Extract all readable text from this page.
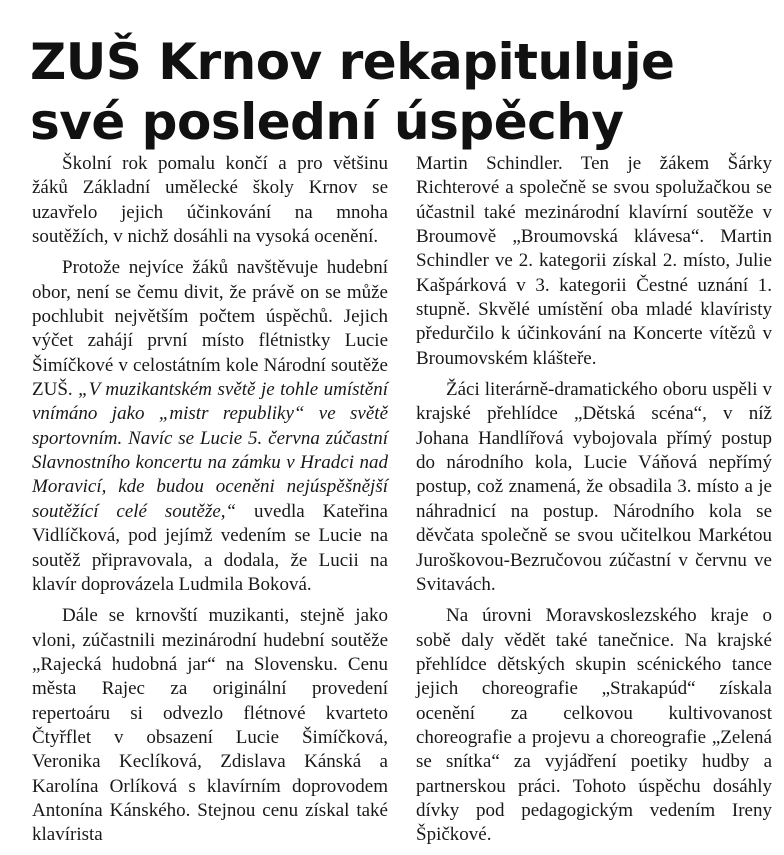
ZUŠ Krnov rekapituluje
své poslední úspěchy

Školní rok pomalu končí a pro většinu žáků Základní umělecké školy Krnov se uzavřelo jejich účinkování na mnoha soutěžích, v nichž dosáhli na vysoká ocenění.

Protože nejvíce žáků navštěvuje hudební obor, není se čemu divit, že právě on se může pochlubit největším počtem úspěchů. Jejich výčet zahájí první místo flétnistky Lucie Šimíčkové v celostátním kole Národní soutěže ZUŠ. „V muzikantském světě je tohle umístění vnímáno jako „mistr republiky“ ve světě sportovním. Navíc se Lucie 5. června zúčastní Slavnostního koncertu na zámku v Hradci nad Moravicí, kde budou oceněni nejúspěšnější soutěžící celé soutěže,“ uvedla Kateřina Vidlíčková, pod jejímž vedením se Lucie na soutěž připravovala, a dodala, že Lucii na klavír doprovázela Ludmila Boková.

Dále se krnovští muzikanti, stejně jako vloni, zúčastnili mezinárodní hudební soutěže „Rajecká hudobná jar“ na Slovensku. Cenu města Rajec za originální provedení repertoáru si odvezlo flétnové kvarteto Čtyřflet v obsazení Lucie Šimíčková, Veronika Keclíková, Zdislava Kánská a Karolína Orlíková s klavírním doprovodem Antonína Kánského. Stejnou cenu získal také klavírista

Martin Schindler. Ten je žákem Šárky Richterové a společně se svou spolužačkou se účastnil také mezinárodní klavírní soutěže v Broumově „Broumovská klávesa“. Martin Schindler ve 2. kategorii získal 2. místo, Julie Kašpárková v 3. kategorii Čestné uznání 1. stupně. Skvělé umístění oba mladé klavíristy předurčilo k účinkování na Koncerte vítězů v Broumovském klášteře.

Žáci literárně-dramatického oboru uspěli v krajské přehlídce „Dětská scéna“, v níž Johana Handlířová vybojovala přímý postup do národního kola, Lucie Váňová nepřímý postup, což znamená, že obsadila 3. místo a je náhradnicí na postup. Národního kola se děvčata společně se svou učitelkou Markétou Juroškovou-Bezručovou zúčastní v červnu ve Svitavách.

Na úrovni Moravskoslezského kraje o sobě daly vědět také tanečnice. Na krajské přehlídce dětských skupin scénického tance jejich choreografie „Strakapúd“ získala ocenění za celkovou kultivovanost choreografie a projevu a choreografie „Zelená se snítka“ za vyjádření poetiky hudby a partnerskou práci. Tohoto úspěchu dosáhly dívky pod pedagogickým vedením Ireny Špičkové.
